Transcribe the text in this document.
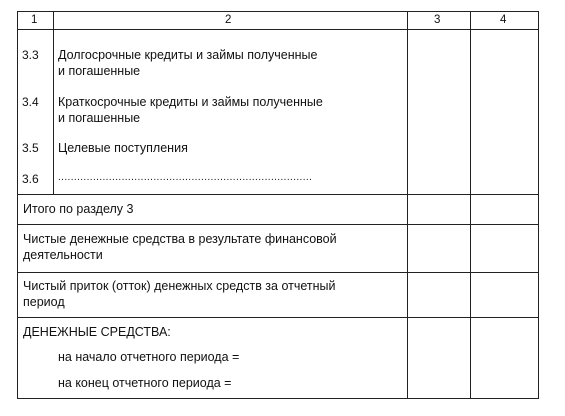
1	2	3	4
3.3 Долгосрочные кредиты и займы полученные
и погашенные
3.4 Краткосрочные кредиты и займы полученные
и погашенные
3.5 Целевые поступления
3.6 ................................................................................
Итого по разделу 3
Чистые денежные средства в результате финансовой
деятельности
Чистый приток (отток) денежных средств за отчетный
период
ДЕНЕЖНЫЕ СРЕДСТВА:
на начало отчетного периода =
на конец отчетного периода =
